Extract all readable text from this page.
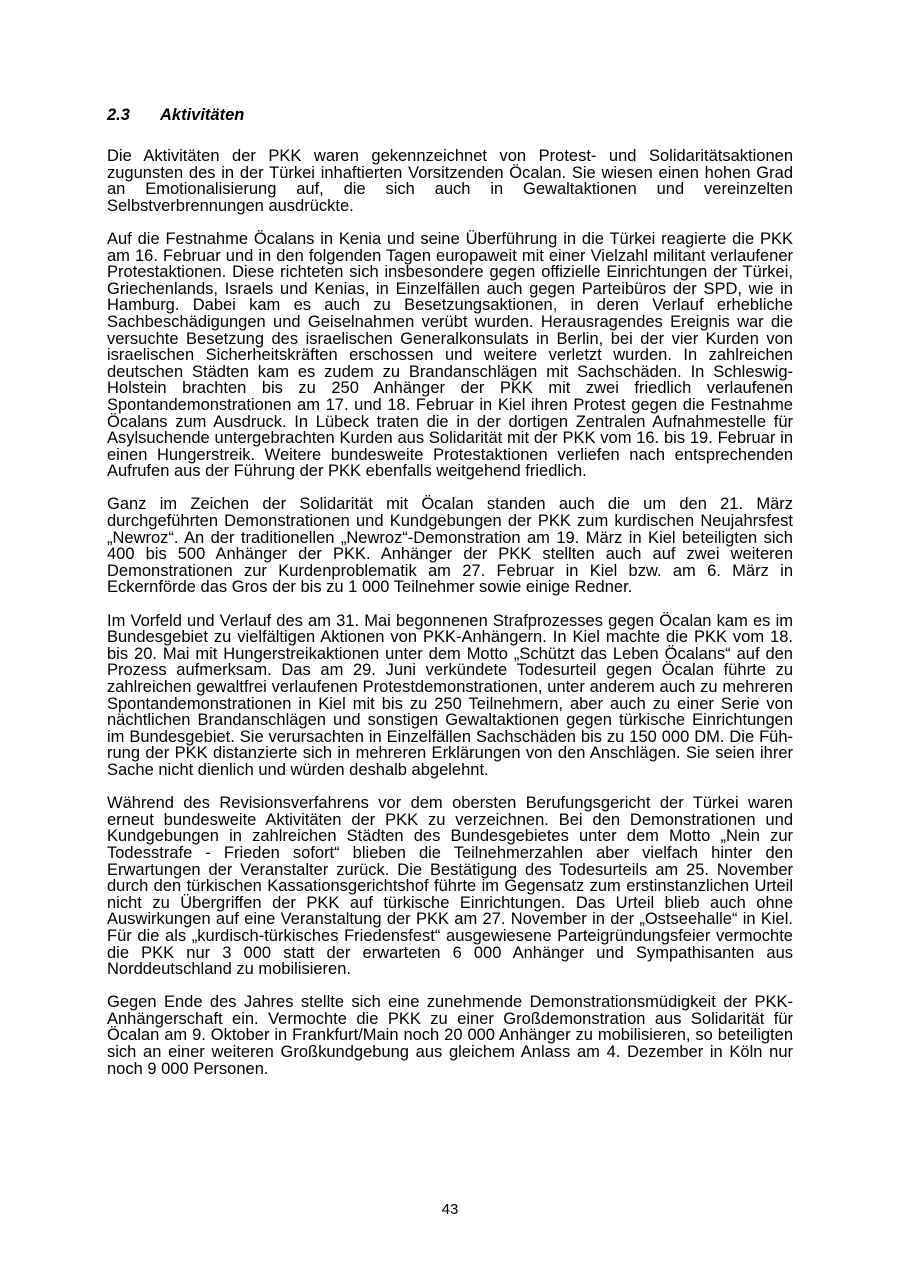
2.3	Aktivitäten

Die Aktivitäten der PKK waren gekennzeichnet von Protest- und Solidaritätsaktionen zugunsten des in der Türkei inhaftierten Vorsitzenden Öcalan. Sie wiesen einen hohen Grad an Emotionalisierung auf, die sich auch in Gewaltaktionen und vereinzelten Selbstverbrennungen ausdrückte.

Auf die Festnahme Öcalans in Kenia und seine Überführung in die Türkei reagierte die PKK am 16. Februar und in den folgenden Tagen europaweit mit einer Vielzahl militant verlaufener Protestaktionen. Diese richteten sich insbesondere gegen offizielle Einrichtungen der Türkei, Griechenlands, Israels und Kenias, in Einzelfällen auch gegen Parteibüros der SPD, wie in Hamburg. Dabei kam es auch zu Besetzungsaktionen, in deren Verlauf erhebliche Sachbeschädigungen und Geiselnahmen verübt wurden. Herausragendes Ereignis war die versuchte Besetzung des israelischen Generalkonsulats in Berlin, bei der vier Kurden von israelischen Sicherheitskräften erschossen und weitere verletzt wurden. In zahlreichen deutschen Städten kam es zudem zu Brandanschlägen mit Sachschäden. In Schleswig-Holstein brachten bis zu 250 Anhänger der PKK mit zwei friedlich verlaufenen Spontandemonstrationen am 17. und 18. Februar in Kiel ihren Protest gegen die Festnahme Öcalans zum Ausdruck. In Lübeck traten die in der dortigen Zentralen Aufnahmestelle für Asylsuchende untergebrachten Kurden aus Solidarität mit der PKK vom 16. bis 19. Februar in einen Hungerstreik. Weitere bundesweite Protestaktionen verliefen nach entsprechenden Aufrufen aus der Führung der PKK ebenfalls weitgehend friedlich.

Ganz im Zeichen der Solidarität mit Öcalan standen auch die um den 21. März durchgeführten Demonstrationen und Kundgebungen der PKK zum kurdischen Neujahrsfest „Newroz“. An der traditionellen „Newroz“-Demonstration am 19. März in Kiel beteiligten sich 400 bis 500 Anhänger der PKK. Anhänger der PKK stellten auch auf zwei weiteren Demonstrationen zur Kurdenproblematik am 27. Februar in Kiel bzw. am 6. März in Eckernförde das Gros der bis zu 1 000 Teilnehmer sowie einige Redner.

Im Vorfeld und Verlauf des am 31. Mai begonnenen Strafprozesses gegen Öcalan kam es im Bundesgebiet zu vielfältigen Aktionen von PKK-Anhängern. In Kiel machte die PKK vom 18. bis 20. Mai mit Hungerstreikaktionen unter dem Motto „Schützt das Leben Öcalans“ auf den Prozess aufmerksam. Das am 29. Juni verkündete Todesurteil gegen Öcalan führte zu zahlreichen gewaltfrei verlaufenen Protestdemonstrationen, unter anderem auch zu mehreren Spontandemonstrationen in Kiel mit bis zu 250 Teilnehmern, aber auch zu einer Serie von nächtlichen Brandanschlägen und sonstigen Gewaltaktionen gegen türkische Einrichtungen im Bundesgebiet. Sie verursachten in Einzelfällen Sachschäden bis zu 150 000 DM. Die Führung der PKK distanzierte sich in mehreren Erklärungen von den Anschlägen. Sie seien ihrer Sache nicht dienlich und würden deshalb abgelehnt.

Während des Revisionsverfahrens vor dem obersten Berufungsgericht der Türkei waren erneut bundesweite Aktivitäten der PKK zu verzeichnen. Bei den Demonstrationen und Kundgebungen in zahlreichen Städten des Bundesgebietes unter dem Motto „Nein zur Todesstrafe - Frieden sofort“ blieben die Teilnehmerzahlen aber vielfach hinter den Erwartungen der Veranstalter zurück. Die Bestätigung des Todesurteils am 25. November durch den türkischen Kassationsgerichtshof führte im Gegensatz zum erstinstanzlichen Urteil nicht zu Übergriffen der PKK auf türkische Einrichtungen. Das Urteil blieb auch ohne Auswirkungen auf eine Veranstaltung der PKK am 27. November in der „Ostseehalle“ in Kiel. Für die als „kurdisch-türkisches Friedensfest“ ausgewiesene Parteigründungsfeier vermochte die PKK nur 3 000 statt der erwarteten 6 000 Anhänger und Sympathisanten aus Norddeutschland zu mobilisieren.

Gegen Ende des Jahres stellte sich eine zunehmende Demonstrationsmüdigkeit der PKK-Anhängerschaft ein. Vermochte die PKK zu einer Großdemonstration aus Solidarität für Öcalan am 9. Oktober in Frankfurt/Main noch 20 000 Anhänger zu mobilisieren, so beteiligten sich an einer weiteren Großkundgebung aus gleichem Anlass am 4. Dezember in Köln nur noch 9 000 Personen.

43
